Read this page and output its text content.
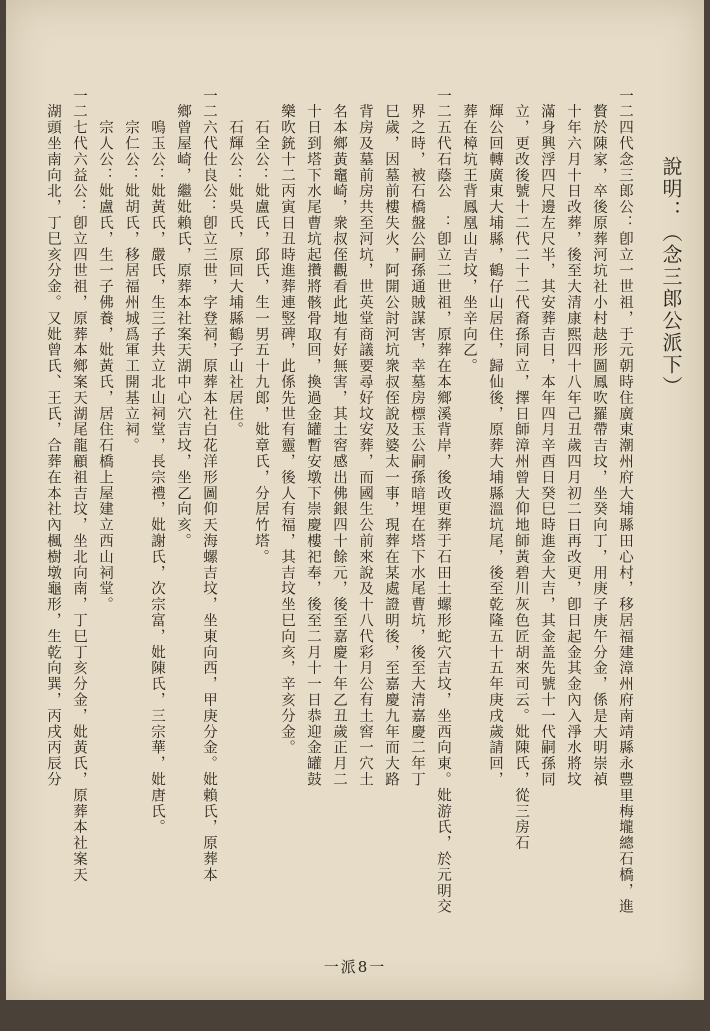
說明：（念三郎公派下）
一二四代念三郎公：卽立一世祖，于元朝時住廣東潮州府大埔縣田心村，移居福建漳州府南靖縣永豐里梅壠總石橋，進
　贅於陳家，卒後原葬河坑社小村赽形圖鳳吹羅帶吉坟，坐癸向丁，用庚子庚午分金，係是大明崇禎
　十年六月十日改葬，後至大清康熙四十八年己丑歲四月初二日再改更，卽日起金其金內入淨水將坟
　滿身興浮四尺邊左尺半，其安葬吉日，本年四月辛酉日癸巳時進金大吉，其金盖先號十一代嗣孫同
　立，更改後號十二代二十二代裔孫同立，擇日師漳州曾大仰地師黃碧川灰色匠胡來司云。妣陳氏，從三房石
　輝公回轉廣東大埔縣，鶴仔山居住，歸仙後，原葬大埔縣溫坑尾，後至乾隆五十五年庚戌歲請回，
　葬在樟坑王背鳳凰山吉坟，坐辛向乙。
一二五代石蔭公　：卽立二世祖，原葬在本鄉溪背岸，後改更葬于石田土螺形蛇穴吉坟，坐西向東。妣游氏，於元明交
　界之時，被石橋盤公嗣孫通賊謀害，幸墓房標玉公嗣孫暗埋在塔下水尾曹坑，後至大清嘉慶二年丁
　巳歲，因墓前樓失火，阿開公討河坑衆叔侄說及婆太一事，現葬在某處證明後，至嘉慶九年而大路
　背房及墓前房共至河坑，世英堂商議要尋好坟安葬，而國生公前來說及十八代彩月公有土窖一穴土
　名本鄉黃竈崎，衆叔侄觀看此地有好無害，其土窖感出佛銀四十餘元，後至嘉慶十年乙丑歲正月二
　十日到塔下水尾曹坑起攢將骸骨取回，換過金罐暫安墩下崇慶樓祀奉，後至二月十一日恭迎金罐鼓
　樂吹銃十二丙寅日丑時進葬連竪碑，此係先世有靈，後人有福，其吉坟坐巳向亥，辛亥分金。
　　石全公：妣盧氏，邱氏，生一男五十九郎，妣章氏，分居竹塔。
　　石輝公：妣吳氏，原回大埔縣鶴子山社居住。
一二六代仕良公：卽立三世，字登祠，原葬本社白花洋形圖仰天海螺吉坟，坐東向西，甲庚分金。妣賴氏，原葬本
　鄉曾屋崎，繼妣賴氏，原葬本社案天湖中心穴吉坟，坐乙向亥。
　　鳴玉公：妣黃氏，嚴氏，生三子共立北山祠堂，長宗禮，妣謝氏，次宗富，妣陳氏，三宗華，妣唐氏。
　　宗仁公：妣胡氏，移居福州城爲軍工開基立祠。
　　宗人公：妣盧氏，生一子佛養，妣黃氏，居住石橋上屋建立西山祠堂。
一二七代六益公：卽立四世祖，原葬本鄉案天湖尾龍顧祖吉坟，坐北向南，丁巳丁亥分金，妣黃氏，原葬本社案天
　湖頭坐南向北，丁巳亥分金。又妣曾氏、王氏，合葬在本社內楓樹墩龜形，生乾向巽，丙戌丙辰分
一派8一
